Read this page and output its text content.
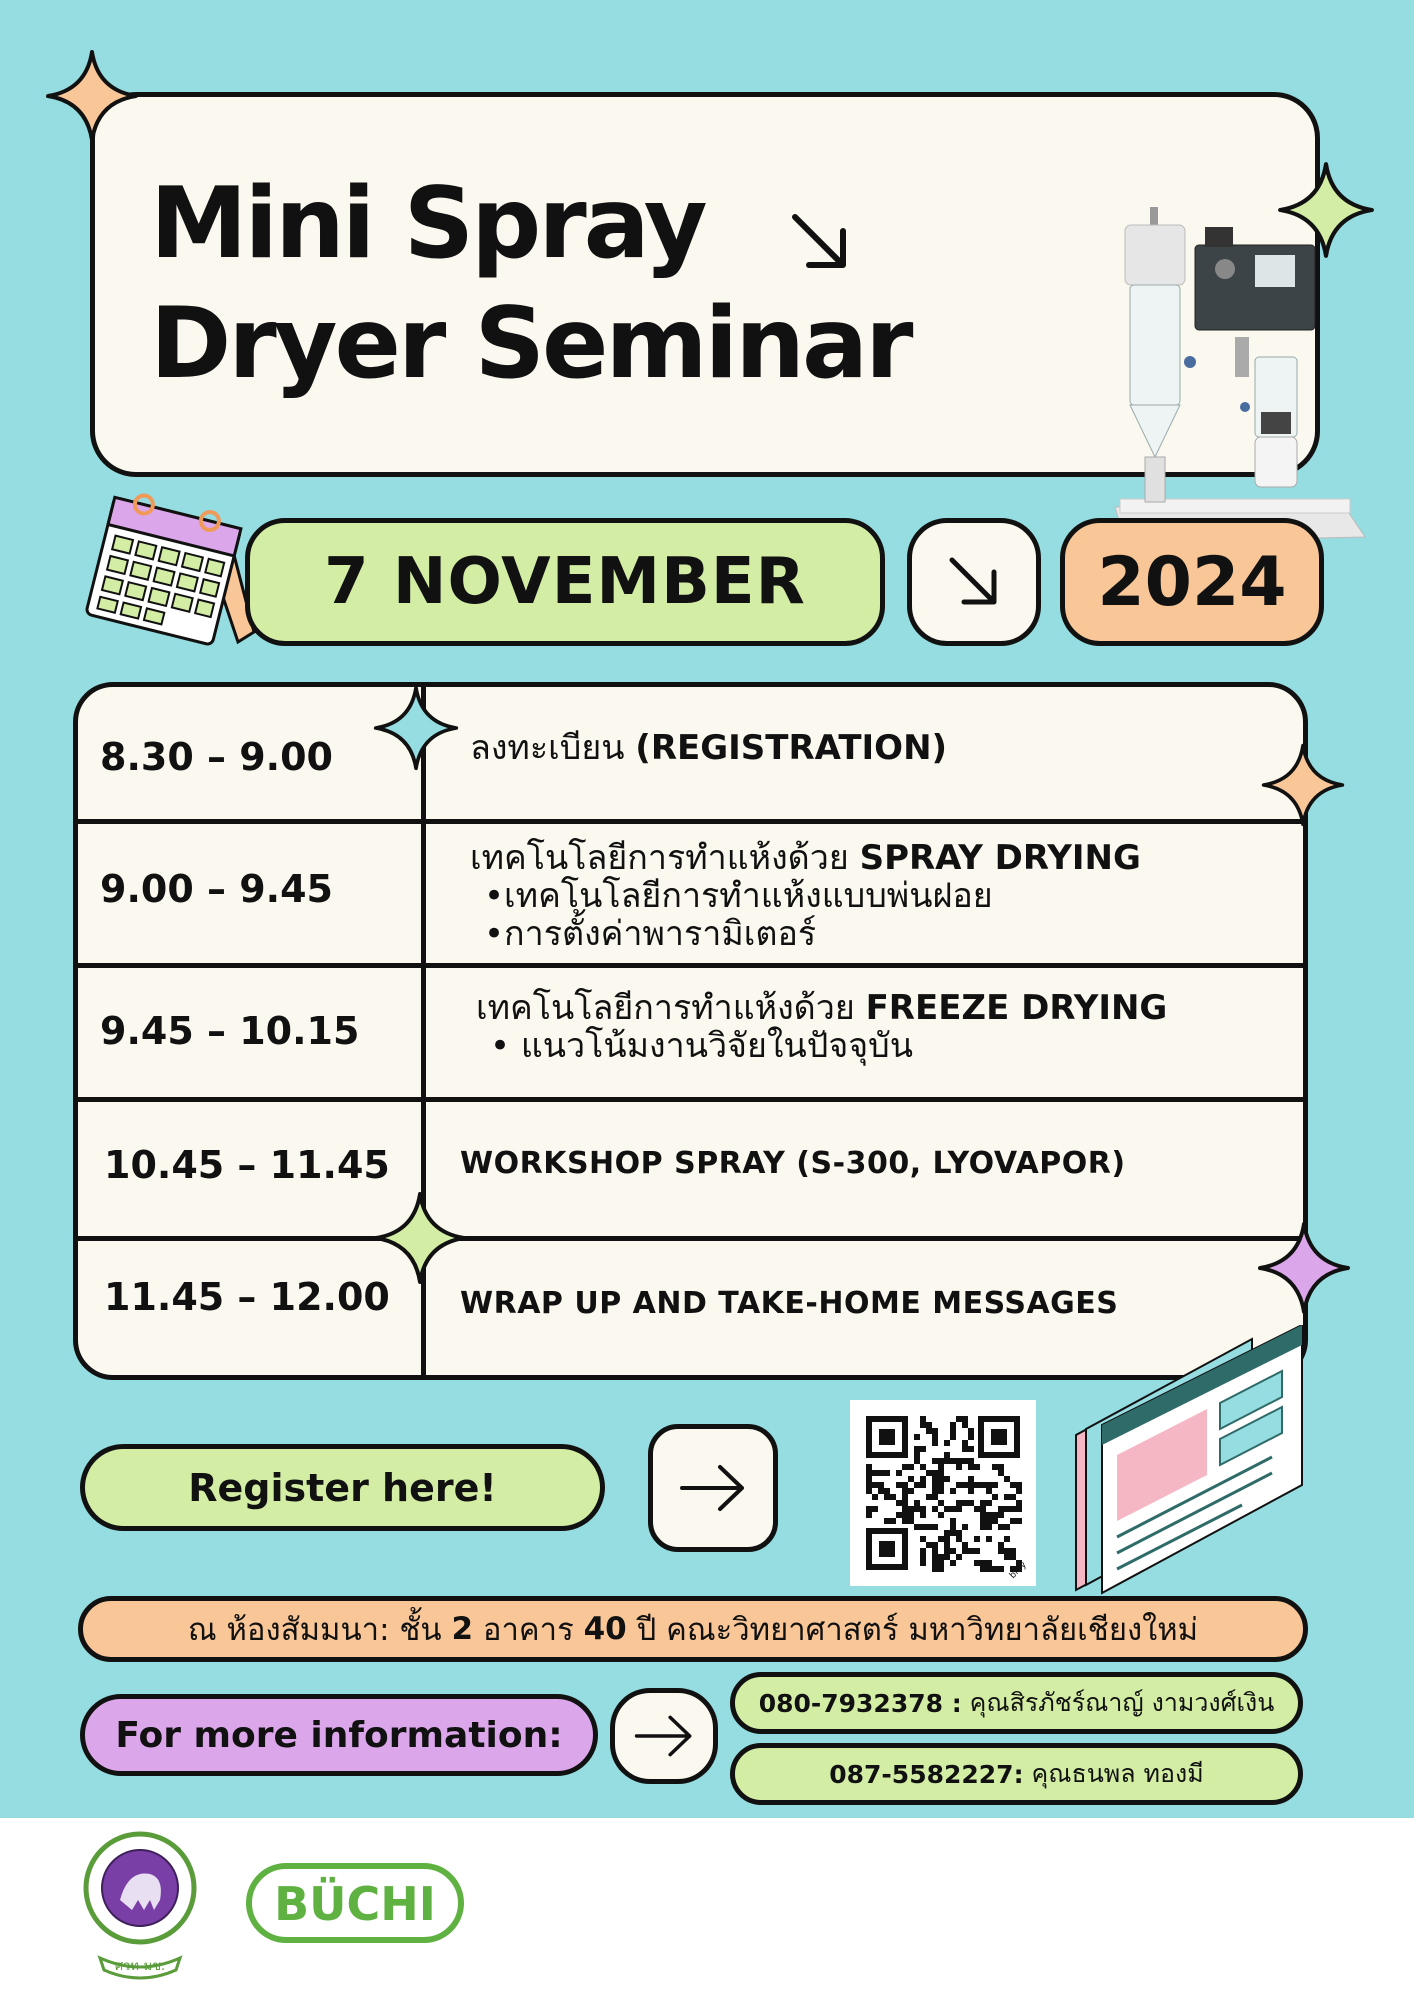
Mini Spray
Dryer Seminar
7 NOVEMBER	2024
8.30 – 9.00	ลงทะเบียน (REGISTRATION)
9.00 – 9.45
เทคโนโลยีการทำแห้งด้วย SPRAY DRYING
•เทคโนโลยีการทำแห้งแบบพ่นฝอย
•การตั้งค่าพารามิเตอร์
9.45 – 10.15
เทคโนโลยีการทำแห้งด้วย FREEZE DRYING
• แนวโน้มงานวิจัยในปัจจุบัน
10.45 – 11.45 WORKSHOP SPRAY (S-300, LYOVAPOR)
11.45 – 12.00 WRAP UP AND TAKE-HOME MESSAGES
Register here!
bitly
ณ ห้องสัมมนา:
ชั้น
2
อาคาร
40
ปี คณะวิทยาศาสตร์ มหาวิทยาลัยเชียงใหม่
For more information:
080-7932378 :
คุณสิรภัชร์ณาญ์ งามวงศ์เงิน
087-5582227:
คุณธนพล ทองมี
ศวท-มช.
BÜCHI
